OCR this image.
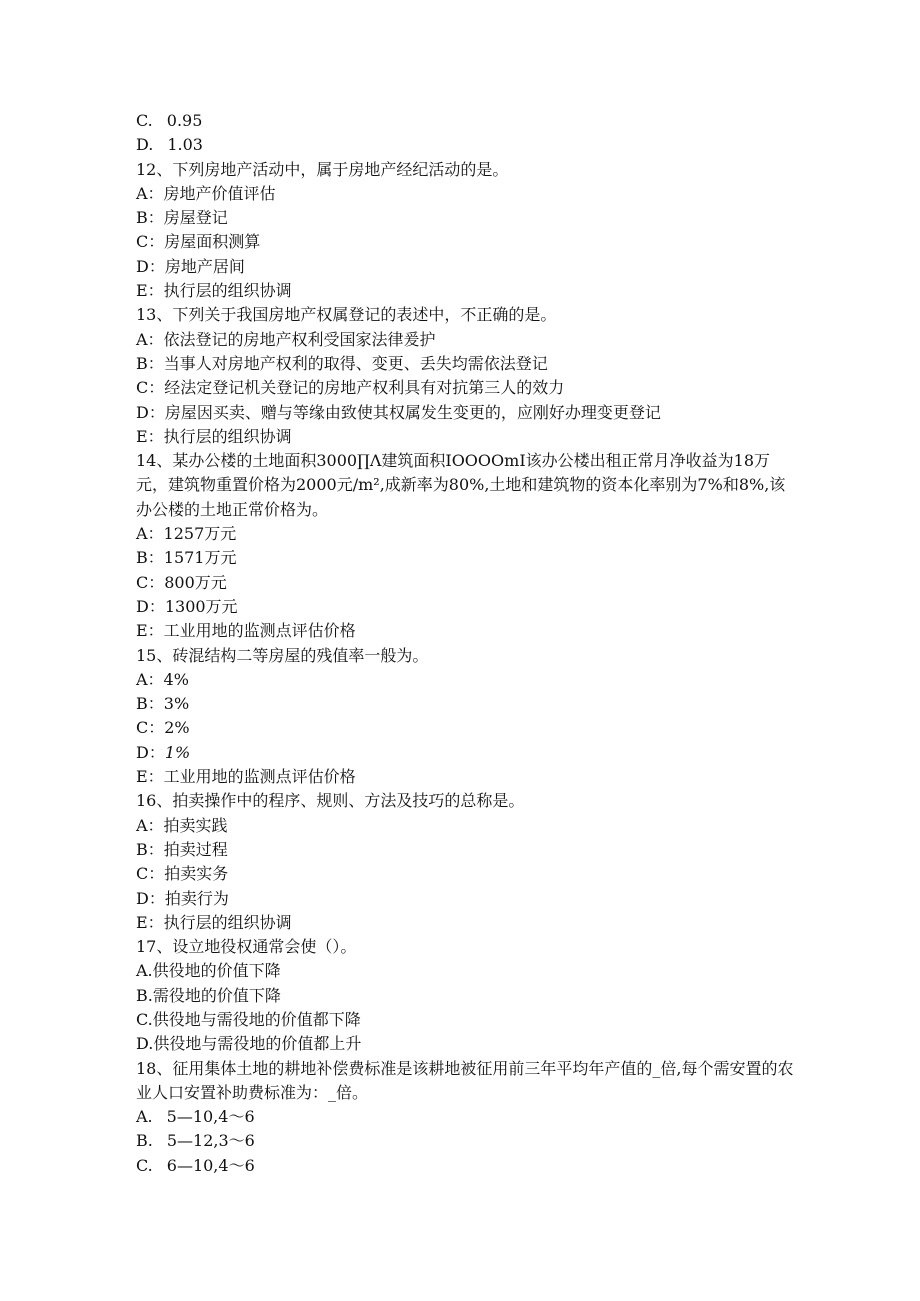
C. 0.95
D. 1.03
12、下列房地产活动中，属于房地产经纪活动的是。
A：房地产价值评估
B：房屋登记
C：房屋面积测算
D：房地产居间
E：执行层的组织协调
13、下列关于我国房地产权属登记的表述中，不正确的是。
A：依法登记的房地产权利受国家法律爰护
B：当事人对房地产权利的取得、变更、丢失均需依法登记
C：经法定登记机关登记的房地产权利具有对抗第三人的效力
D：房屋因买卖、赠与等缘由致使其权属发生变更的，应刚好办理变更登记
E：执行层的组织协调
14、某办公楼的土地面积3000∏Λ建筑面积IOOOOmI该办公楼出租正常月净收益为18万元，建筑物重置价格为2000元/m²,成新率为80%,土地和建筑物的资本化率别为7%和8%,该办公楼的土地正常价格为。
A：1257万元
B：1571万元
C：800万元
D：1300万元
E：工业用地的监测点评估价格
15、砖混结构二等房屋的残值率一般为。
A：4%
B：3%
C：2%
D：1%
E：工业用地的监测点评估价格
16、拍卖操作中的程序、规则、方法及技巧的总称是。
A：拍卖实践
B：拍卖过程
C：拍卖实务
D：拍卖行为
E：执行层的组织协调
17、设立地役权通常会使（）。
A.供役地的价值下降
B.需役地的价值下降
C.供役地与需役地的价值都下降
D.供役地与需役地的价值都上升
18、征用集体土地的耕地补偿费标准是该耕地被征用前三年平均年产值的_倍,每个需安置的农业人口安置补助费标准为：_倍。
A. 5—10,4～6
B. 5—12,3～6
C. 6—10,4～6
